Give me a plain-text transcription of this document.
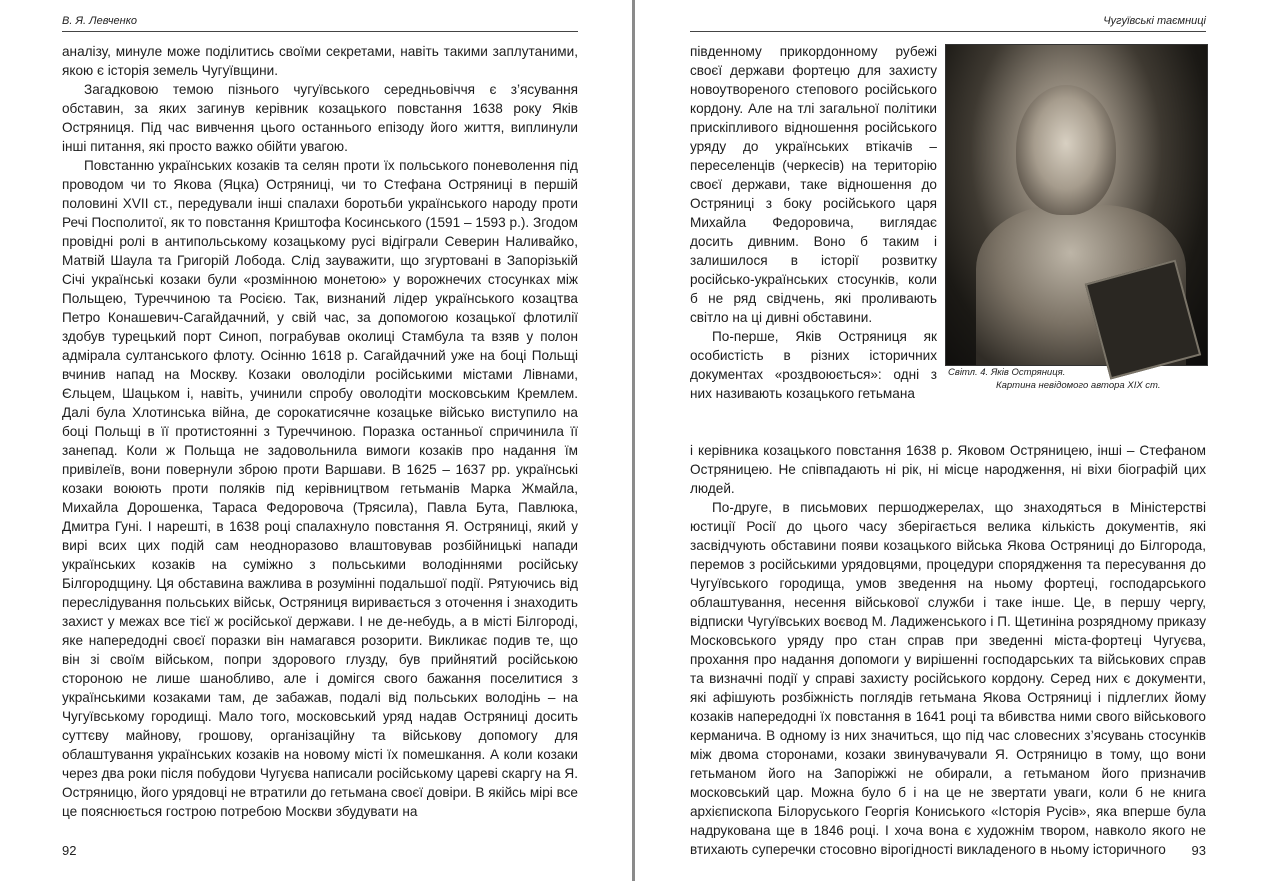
В. Я. Левченко

аналізу, минуле може поділитись своїми секретами, навіть такими заплутаними, якою є історія земель Чугуївщини.

Загадковою темою пізнього чугуївського середньовіччя є з’ясування обставин, за яких загинув керівник козацького повстання 1638 року Яків Остряниця. Під час вивчення цього останнього епізоду його життя, виплинули інші питання, які просто важко обійти увагою.

Повстанню українських козаків та селян проти їх польського поневолення під проводом чи то Якова (Яцка) Остряниці, чи то Стефана Остряниці в першій половині XVII ст., передували інші спалахи боротьби українського народу проти Речі Посполитої, як то повстання Криштофа Косинського (1591 – 1593 р.). Згодом провідні ролі в антипольському козацькому русі відіграли Северин Наливайко, Матвій Шаула та Григорій Лобода. Слід зауважити, що згуртовані в Запорізькій Січі українські козаки були «розмінною монетою» у ворожнечих стосунках між Польщею, Туреччиною та Росією. Так, визнаний лідер українського козацтва Петро Конашевич-Сагайдачний, у свій час, за допомогою козацької флотилії здобув турецький порт Синоп, пограбував околиці Стамбула та взяв у полон адмірала султанського флоту. Осінню 1618 р. Сагайдачний уже на боці Польщі вчинив напад на Москву. Козаки оволоділи російськими містами Лівнами, Єльцем, Шацьком і, навіть, учинили спробу оволодіти московським Кремлем. Далі була Хлотинська війна, де сорокатисячне козацьке військо виступило на боці Польщі в її протистоянні з Туреччиною. Поразка останньої спричинила її занепад. Коли ж Польща не задовольнила вимоги козаків про надання їм привілеїв, вони повернули зброю проти Варшави. В 1625 – 1637 рр. українські козаки воюють проти поляків під керівництвом гетьманів Марка Жмайла, Михайла Дорошенка, Тараса Федоровоча (Трясила), Павла Бута, Павлюка, Дмитра Гуні. І нарешті, в 1638 році спалахнуло повстання Я. Остряниці, який у вирі всих цих подій сам неодноразово влаштовував розбійницькі напади українських козаків на суміжно з польськими володіннями російську Білгородщину. Ця обставина важлива в розумінні подальшої події. Рятуючись від переслідування польських військ, Остряниця виривається з оточення і знаходить захист у межах все тієї ж російської держави. І не де-небудь, а в місті Білгороді, яке напередодні своєї поразки він намагався розорити. Викликає подив те, що він зі своїм військом, попри здорового глузду, був прийнятий російською стороною не лише шанобливо, але і домігся свого бажання поселитися з українськими козаками там, де забажав, подалі від польських володінь – на Чугуївському городищі. Мало того, московський уряд надав Остряниці досить суттєву майнову, грошову, організаційну та військову допомогу для облаштування українських козаків на новому місті їх помешкання. А коли козаки через два роки після побудови Чугуєва написали російському цареві скаргу на Я. Остряницю, його урядовці не втратили до гетьмана своєї довіри. В якійсь мірі все це пояснюється гострою потребою Москви збудувати на

92
Чугуївські таємниці

південному прикордонному рубежі своєї держави фортецю для захисту новоутвореного степового російського кордону. Але на тлі загальної політики прискіпливого відношення російського уряду до українських втікачів – переселенців (черкесів) на територію своєї держави, таке відношення до Остряниці з боку російського царя Михайла Федоровича, виглядає досить дивним. Воно б таким і залишилося в історії розвитку російсько-українських стосунків, коли б не ряд свідчень, які проливають світло на ці дивні обставини.

По-перше, Яків Остряниця як особистість в різних історичних документах «роздвоюється»: одні з них називають козацького гетьмана

Світл. 4. Яків Остряниця.
Картина невідомого автора XIX ст.

і керівника козацького повстання 1638 р. Яковом Остряницею, інші – Стефаном Остряницею. Не співпадають ні рік, ні місце народження, ні віхи біографій цих людей.

По-друге, в письмових першоджерелах, що знаходяться в Міністерстві юстиції Росії до цього часу зберігається велика кількість документів, які засвідчують обставини появи козацького війська Якова Остряниці до Білгорода, перемов з російськими урядовцями, процедури спорядження та пересування до Чугуївського городища, умов зведення на ньому фортеці, господарського облаштування, несення військової служби і таке інше. Це, в першу чергу, відписки Чугуївських воєвод М. Ладиженського і П. Щетиніна розрядному приказу Московського уряду про стан справ при зведенні міста-фортеці Чугуєва, прохання про надання допомоги у вирішенні господарських та військових справ та визначні події у справі захисту російського кордону. Серед них є документи, які афішують розбіжність поглядів гетьмана Якова Остряниці і підлеглих йому козаків напередодні їх повстання в 1641 році та вбивства ними свого військового керманича. В одному із них значиться, що під час словесних з’ясувань стосунків між двома сторонами, козаки звинувачували Я. Остряницю в тому, що вони гетьманом його на Запоріжжі не обирали, а гетьманом його призначив московський цар. Можна було б і на це не звертати уваги, коли б не книга архієпископа Білоруського Георгія Кониського «Історія Русів», яка вперше була надрукована ще в 1846 році. І хоча вона є художнім твором, навколо якого не втихають суперечки стосовно вірогідності викладеного в ньому історичного	93
